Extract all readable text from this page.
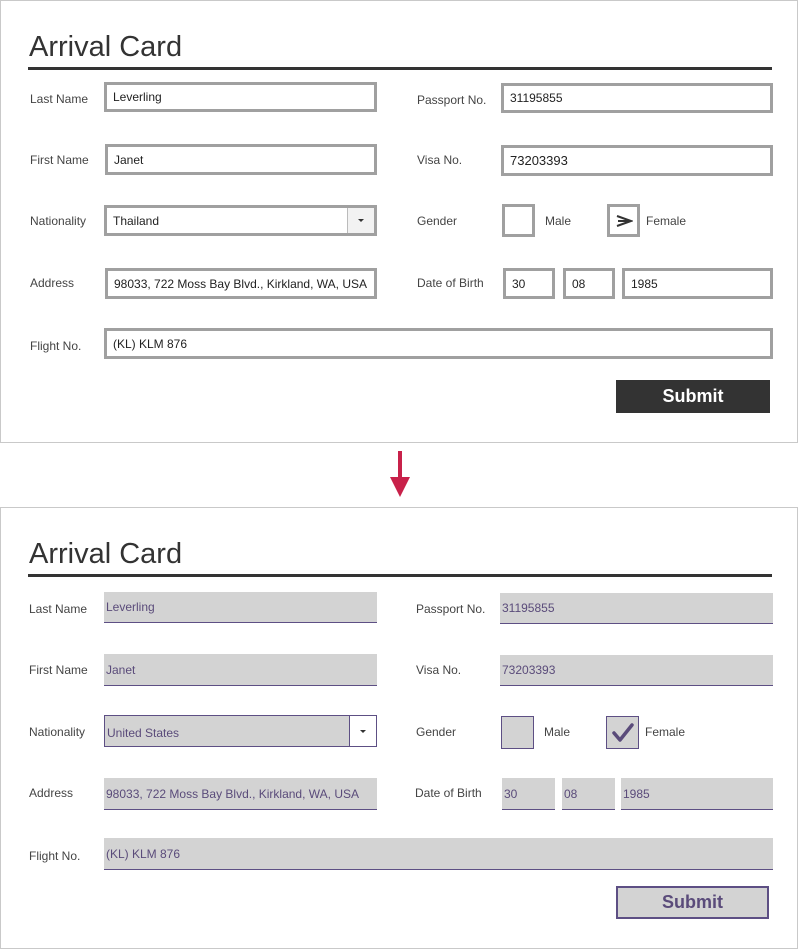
Arrival Card
Last Name	Leverling	Passport No.	31195855
First Name	Janet	Visa No.	73203393
Nationality Thailand	Gender	Male	Female
Address	98033, 722 Moss Bay Blvd., Kirkland, WA, USA	Date of Birth	30	08	1985
Flight No.	(KL) KLM 876
Submit
Arrival Card
Last Name Leverling	Passport No. 31195855
First Name Janet	Visa No.	73203393
Nationality United States	Gender	Male	Female
Address	98033, 722 Moss Bay Blvd., Kirkland, WA, USA	Date of Birth 30	08	1985
Flight No. (KL) KLM 876
Submit
